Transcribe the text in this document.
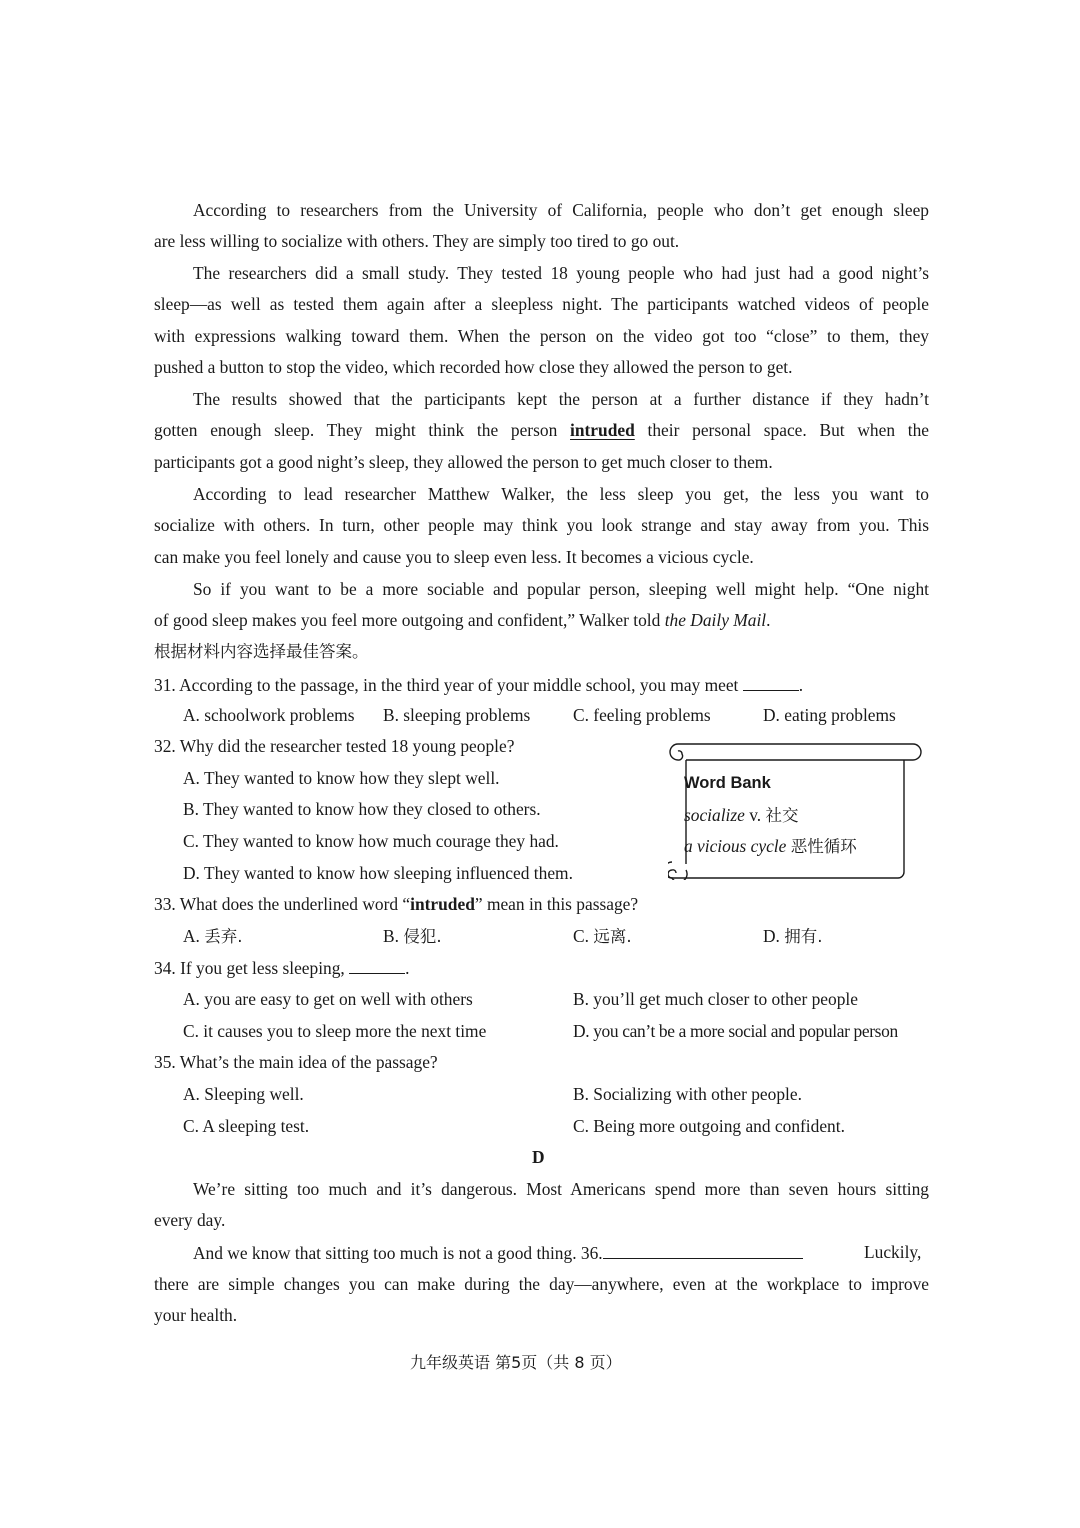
According to researchers from the University of California, people who don’t get enough sleep
are less willing to socialize with others. They are simply too tired to go out.
The researchers did a small study. They tested 18 young people who had just had a good night’s
sleep—as well as tested them again after a sleepless night. The participants watched videos of people
with expressions walking toward them. When the person on the video got too “close” to them, they
pushed a button to stop the video, which recorded how close they allowed the person to get.
The results showed that the participants kept the person at a further distance if they hadn’t
gotten enough sleep. They might think the person intruded their personal space. But when the
participants got a good night’s sleep, they allowed the person to get much closer to them.
According to lead researcher Matthew Walker, the less sleep you get, the less you want to
socialize with others. In turn, other people may think you look strange and stay away from you. This
can make you feel lonely and cause you to sleep even less. It becomes a vicious cycle.
So if you want to be a more sociable and popular person, sleeping well might help. “One night
of good sleep makes you feel more outgoing and confident,” Walker told the Daily Mail.
根据材料内容选择最佳答案。
31. According to the passage, in the third year of your middle school, you may meet	.
A. schoolwork problems B. sleeping problems C. feeling problems	D. eating problems
32. Why did the researcher tested 18 young people?
A. They wanted to know how they slept well.
B. They wanted to know how they closed to others.
C. They wanted to know how much courage they had.
D. They wanted to know how sleeping influenced them.
Word Bank
socialize v. 社交
a vicious cycle 恶性循环
33. What does the underlined word “intruded” mean in this passage?
A. 丢弃.	B. 侵犯.	C. 远离.	D. 拥有.
34. If you get less sleeping,	.
A. you are easy to get on well with others	B. you’ll get much closer to other people
C. it causes you to sleep more the next time	D. you can’t be a more social and popular person
35. What’s the main idea of the passage?
A. Sleeping well.	B. Socializing with other people.
C. A sleeping test.	C. Being more outgoing and confident.
D
We’re sitting too much and it’s dangerous. Most Americans spend more than seven hours sitting
every day.
And we know that sitting too much is not a good thing. 36.	Luckily,
there are simple changes you can make during the day—anywhere, even at the workplace to improve
your health.
九年级英语 第5页（共 8 页）
